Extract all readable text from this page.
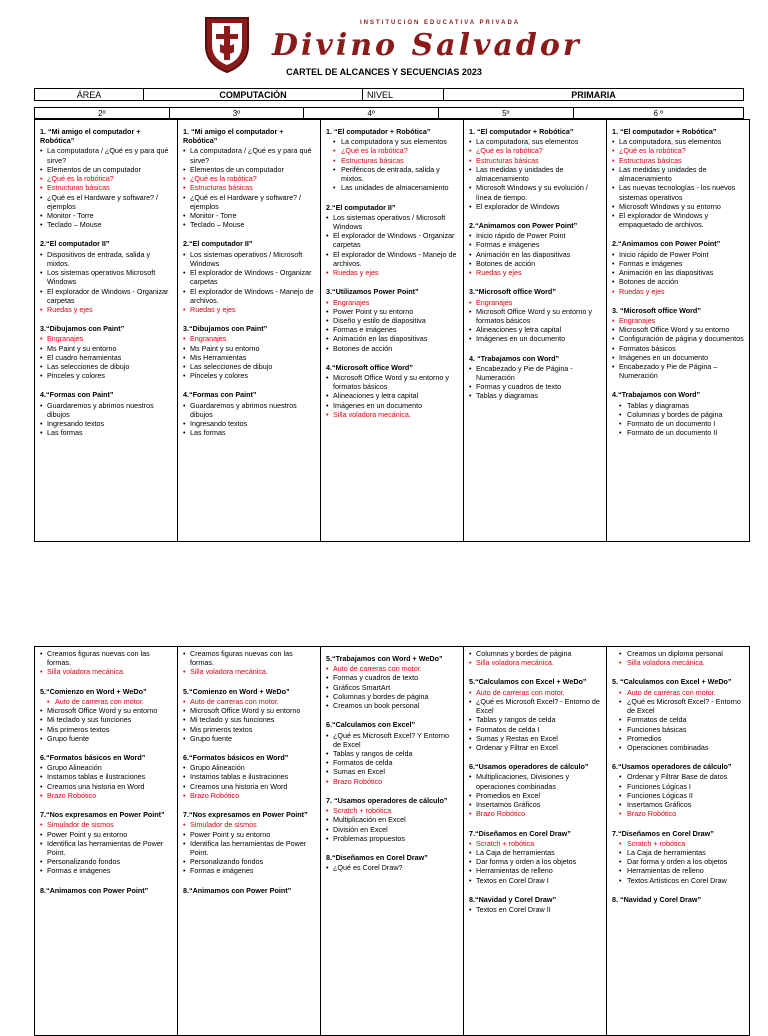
INSTITUCION EDUCATIVA PRIVADA
Divino Salvador
CARTEL DE ALCANCES Y SECUENCIAS 2023
ÁREA	COMPUTACIÓN	NIVEL	PRIMARIA
2º	3º	4º	5º	6 º
1. “Mi amigo el computador + Robótica”
• La computadora / ¿Qué es y para qué sirve?
• Elementos de un computador
• ¿Qué es la robótica?
• Estructuras básicas
• ¿Qué es el Hardware y software? / ejemplos
• Monitor - Torre
• Teclado – Mouse
2.“El computador II”
• Dispositivos de entrada, salida y mixtos.
• Los sistemas operativos Microsoft Windows
• El explorador de Windows - Organizar carpetas
• Ruedas y ejes
3.“Dibujamos con Paint”
• Engranajes
• Ms Paint y su entorno
• El cuadro herramientas
• Las selecciones de dibujo
• Pinceles y colores
4.“Formas con Paint”
• Guardaremos y abrimos nuestros dibujos
• Ingresando textos
• Las formas

1. “Mi amigo el computador + Robótica”
• La computadora / ¿Qué es y para qué sirve?
• Elementos de un computador
• ¿Qué es la robótica?
• Estructuras básicas
• ¿Qué es el Hardware y software? / ejemplos
• Monitor - Torre
• Teclado – Mouse
2.“El computador II”
• Los sistemas operativos / Microsoft Windows
• El explorador de Windows - Organizar carpetas
• El explorador de Windows - Manejo de archivos.
• Ruedas y ejes
3.“Dibujamos con Paint”
• Engranajes
• Ms Paint y su entorno
• Mis Herramientas
• Las selecciones de dibujo
• Pinceles y colores
4.“Formas con Paint”
• Guardaremos y abrimos nuestros dibujos
• Ingresando textos
• Las formas

1. “El computador + Robótica”
• La computadora y sus elementos
• ¿Qué es la robótica?
• Estructuras básicas
• Periféricos de entrada, salida y mixtos.
• Las unidades de almacenamiento
2.“El computador II”
• Los sistemas operativos / Microsoft Windows
• El explorador de Windows - Organizar carpetas
• El explorador de Windows - Manejo de archivos.
• Ruedas y ejes
3.“Utilizamos Power Point”
• Engranajes
• Power Point y su entorno
• Diseño y estilo de diapositiva
• Formas e imágenes
• Animación en las diapositivas
• Botones de acción
4.“Microsoft office Word”
• Microsoft Office Word y su entorno y formatos básicos
• Alineaciones y letra capital
• Imágenes en un documento
• Silla voladora mecánica.

1. “El computador + Robótica”
• La computadora, sus elementos
• ¿Qué es la robótica?
• Estructuras básicas
• Las medidas y unidades de almacenamiento
• Microsoft Windows y su evolución / línea de tiempo.
• El explorador de Windows
2.“Animamos con Power Point”
• Inicio rápido de Power Point
• Formas e imágenes
• Animación en las diapositivas
• Botones de acción
• Ruedas y ejes
3.“Microsoft office Word”
• Engranajes
• Microsoft Office Word y su entorno y formatos básicos
• Alineaciones y letra capital
• Imágenes en un documento
4. “Trabajamos con Word”
• Encabezado y Pie de Página - Numeración
• Formas y cuadros de texto
• Tablas y diagramas

1. “El computador + Robótica”
• La computadora, sus elementos
• ¿Qué es la robótica?
• Estructuras básicas
• Las medidas y unidades de almacenamiento
• Las nuevas tecnologías - los nuevos sistemas operativos
• Microsoft Windows y su entorno
• El explorador de Windows y empaquetado de archivos.
2.“Animamos con Power Point”
• Inicio rápido de Power Point
• Formas e imágenes
• Animación en las diapositivas
• Botones de acción
• Ruedas y ejes
3. “Microsoft office Word”
• Engranajes
• Microsoft Office Word y su entorno
• Configuración de página y documentos
• Formatos básicos
• Imágenes en un documento
• Encabezado y Pie de Página – Numeración
4.“Trabajamos con Word”
• Tablas y diagramas
• Columnas y bordes de página
• Formato de un documento I
• Formato de un documento II
• Creamos figuras nuevas con las formas.
• Silla voladora mecánica.
5.“Comienzo en Word + WeDo”
• Auto de carreras con motor.
• Microsoft Office Word y su entorno
• Mi teclado y sus funciones
• Mis primeros textos
• Grupo fuente
6.“Formatos básicos en Word”
• Grupo Alineación
• Instamos tablas e ilustraciones
• Creamos una historia en Word
• Brazo Robótico
7.“Nos expresamos en Power Point”
• Simulador de sismos
• Power Point y su entorno
• Identifica las herramientas de Power Point.
• Personalizando fondos
• Formas e imágenes
8.“Animamos con Power Point”

• Creamos figuras nuevas con las formas.
• Silla voladora mecánica.
5.“Comienzo en Word + WeDo”
• Auto de carreras con motor.
• Microsoft Office Word y su entorno
• Mi teclado y sus funciones
• Mis primeros textos
• Grupo fuente
6.“Formatos básicos en Word”
• Grupo Alineación
• Instamos tablas e ilustraciones
• Creamos una historia en Word
• Brazo Robótico
7.“Nos expresamos en Power Point”
• Simulador de sismos
• Power Point y su entorno
• Identifica las herramientas de Power Point.
• Personalizando fondos
• Formas e imágenes
8.“Animamos con Power Point”

5.“Trabajamos con Word + WeDo”
• Auto de carreras con motor.
• Formas y cuadros de texto
• Gráficos SmartArt
• Columnas y bordes de página
• Creamos un book personal
6.“Calculamos con Excel”
• ¿Qué es Microsoft Excel? Y Entorno de Excel
• Tablas y rangos de celda
• Formatos de celda
• Sumas en Excel
• Brazo Robótico
7. “Usamos operadores de cálculo”
• Scratch + robótica
• Multiplicación en Excel
• División en Excel
• Problemas propuestos
8.“Diseñamos en Corel Draw”
• ¿Qué es Corel Draw?

• Columnas y bordes de página
• Silla voladora mecánica.
5.“Calculamos con Excel + WeDo”
• Auto de carreras con motor.
• ¿Qué es Microsoft Excel? - Entorno de Excel
• Tablas y rangos de celda
• Formatos de celda I
• Sumas y Restas en Excel
• Ordenar y Filtrar en Excel
6.“Usamos operadores de cálculo”
• Multiplicaciones, Divisiones y operaciones combinadas
• Promedios en Excel
• Insertamos Gráficos
• Brazo Robótico
7.“Diseñamos en Corel Draw”
• Scratch + robótica
• La Caja de herramientas
• Dar forma y orden a los objetos
• Herramientas de relleno
• Textos en Corel Draw I
8.“Navidad y Corel Draw”
• Textos en Corel Draw II

• Creamos un diploma personal
• Silla voladora mecánica.
5. “Calculamos con Excel + WeDo”
• Auto de carreras con motor.
• ¿Qué es Microsoft Excel? - Entorno de Excel
• Formatos de celda
• Funciones básicas
• Promedios
• Operaciones combinadas
6.“Usamos operadores de cálculo”
• Ordenar y Filtrar Base de datos
• Funciones Lógicas I
• Funciones Lógicas II
• Insertamos Gráficos
• Brazo Robótico
7.“Diseñamos en Corel Draw”
• Scratch + robótica
• La Caja de herramientas
• Dar forma y orden a los objetos
• Herramientas de relleno
• Textos Artísticos en Corel Draw
8. “Navidad y Corel Draw”
